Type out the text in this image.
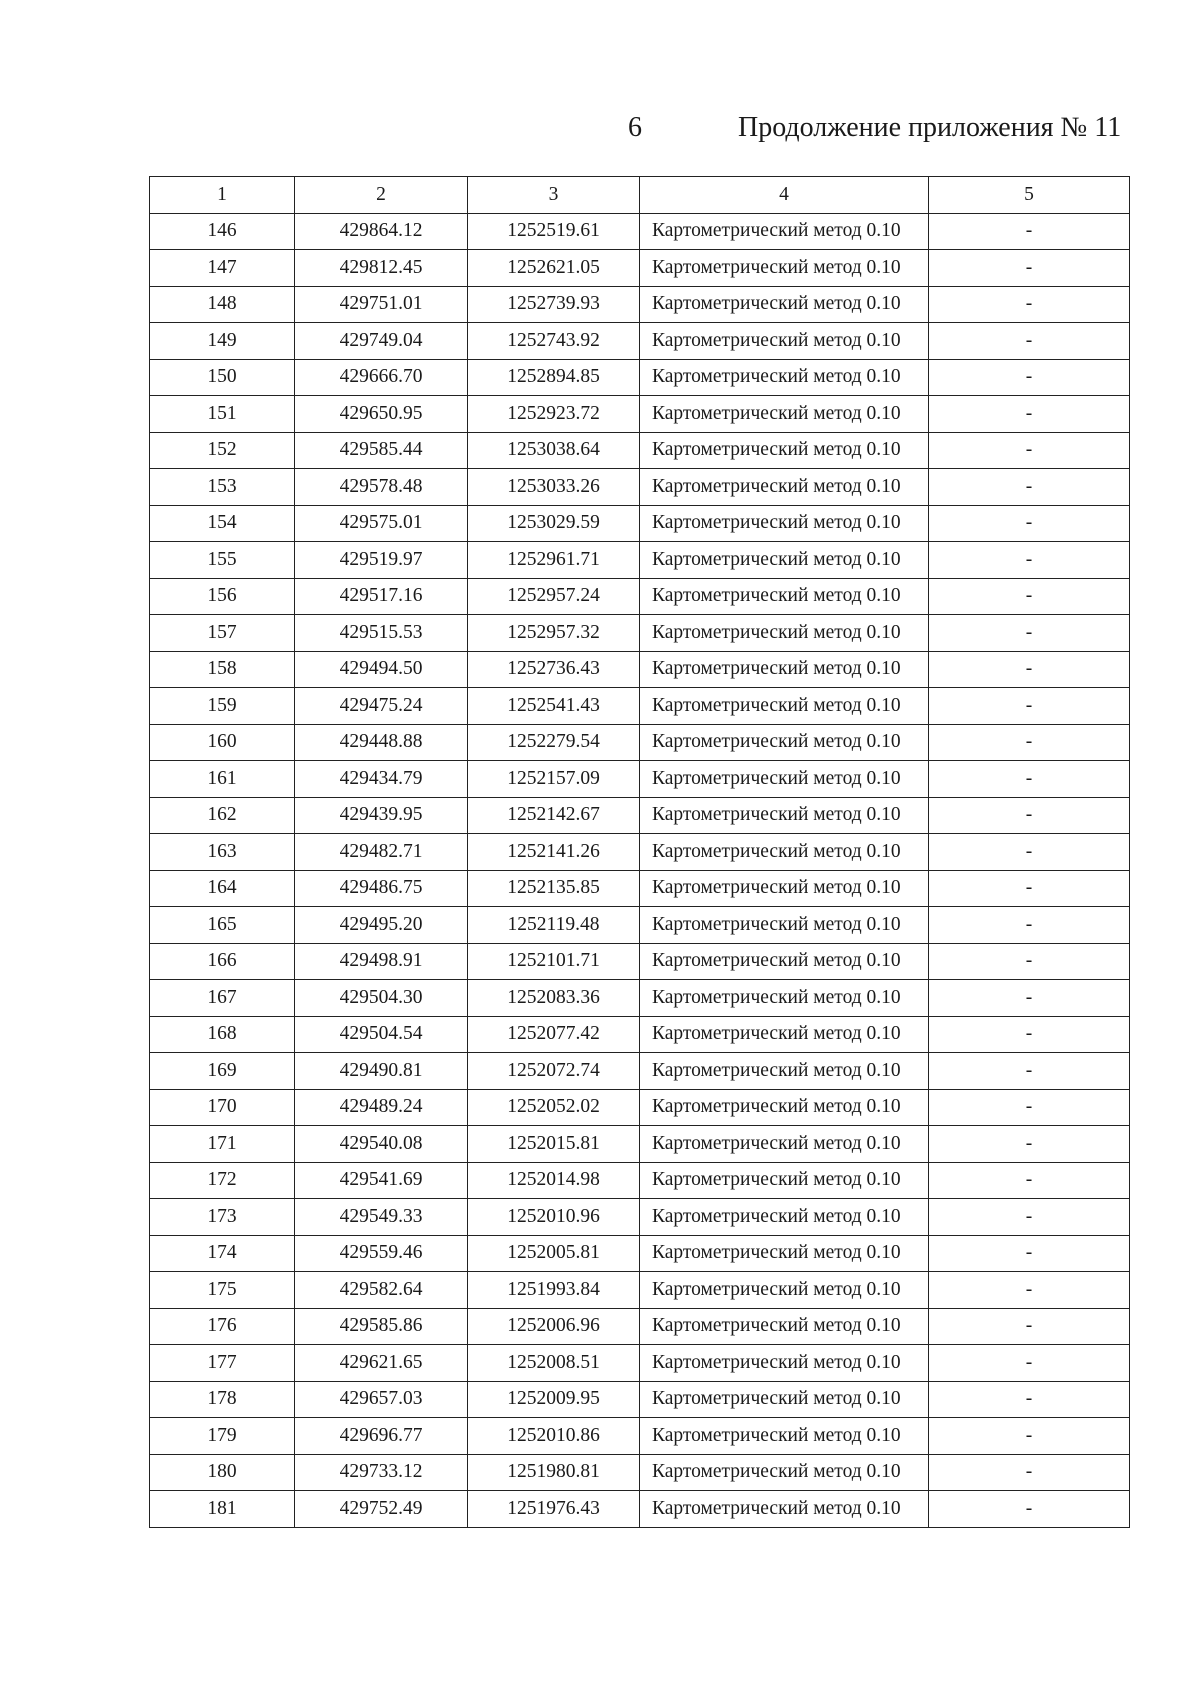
6	Продолжение приложения № 11
1	2	3	4	5
146	429864.12	1252519.61	Картометрический метод 0.10	-
147	429812.45	1252621.05	Картометрический метод 0.10	-
148	429751.01	1252739.93	Картометрический метод 0.10	-
149	429749.04	1252743.92	Картометрический метод 0.10	-
150	429666.70	1252894.85	Картометрический метод 0.10	-
151	429650.95	1252923.72	Картометрический метод 0.10	-
152	429585.44	1253038.64	Картометрический метод 0.10	-
153	429578.48	1253033.26	Картометрический метод 0.10	-
154	429575.01	1253029.59	Картометрический метод 0.10	-
155	429519.97	1252961.71	Картометрический метод 0.10	-
156	429517.16	1252957.24	Картометрический метод 0.10	-
157	429515.53	1252957.32	Картометрический метод 0.10	-
158	429494.50	1252736.43	Картометрический метод 0.10	-
159	429475.24	1252541.43	Картометрический метод 0.10	-
160	429448.88	1252279.54	Картометрический метод 0.10	-
161	429434.79	1252157.09	Картометрический метод 0.10	-
162	429439.95	1252142.67	Картометрический метод 0.10	-
163	429482.71	1252141.26	Картометрический метод 0.10	-
164	429486.75	1252135.85	Картометрический метод 0.10	-
165	429495.20	1252119.48	Картометрический метод 0.10	-
166	429498.91	1252101.71	Картометрический метод 0.10	-
167	429504.30	1252083.36	Картометрический метод 0.10	-
168	429504.54	1252077.42	Картометрический метод 0.10	-
169	429490.81	1252072.74	Картометрический метод 0.10	-
170	429489.24	1252052.02	Картометрический метод 0.10	-
171	429540.08	1252015.81	Картометрический метод 0.10	-
172	429541.69	1252014.98	Картометрический метод 0.10	-
173	429549.33	1252010.96	Картометрический метод 0.10	-
174	429559.46	1252005.81	Картометрический метод 0.10	-
175	429582.64	1251993.84	Картометрический метод 0.10	-
176	429585.86	1252006.96	Картометрический метод 0.10	-
177	429621.65	1252008.51	Картометрический метод 0.10	-
178	429657.03	1252009.95	Картометрический метод 0.10	-
179	429696.77	1252010.86	Картометрический метод 0.10	-
180	429733.12	1251980.81	Картометрический метод 0.10	-
181	429752.49	1251976.43	Картометрический метод 0.10	-
